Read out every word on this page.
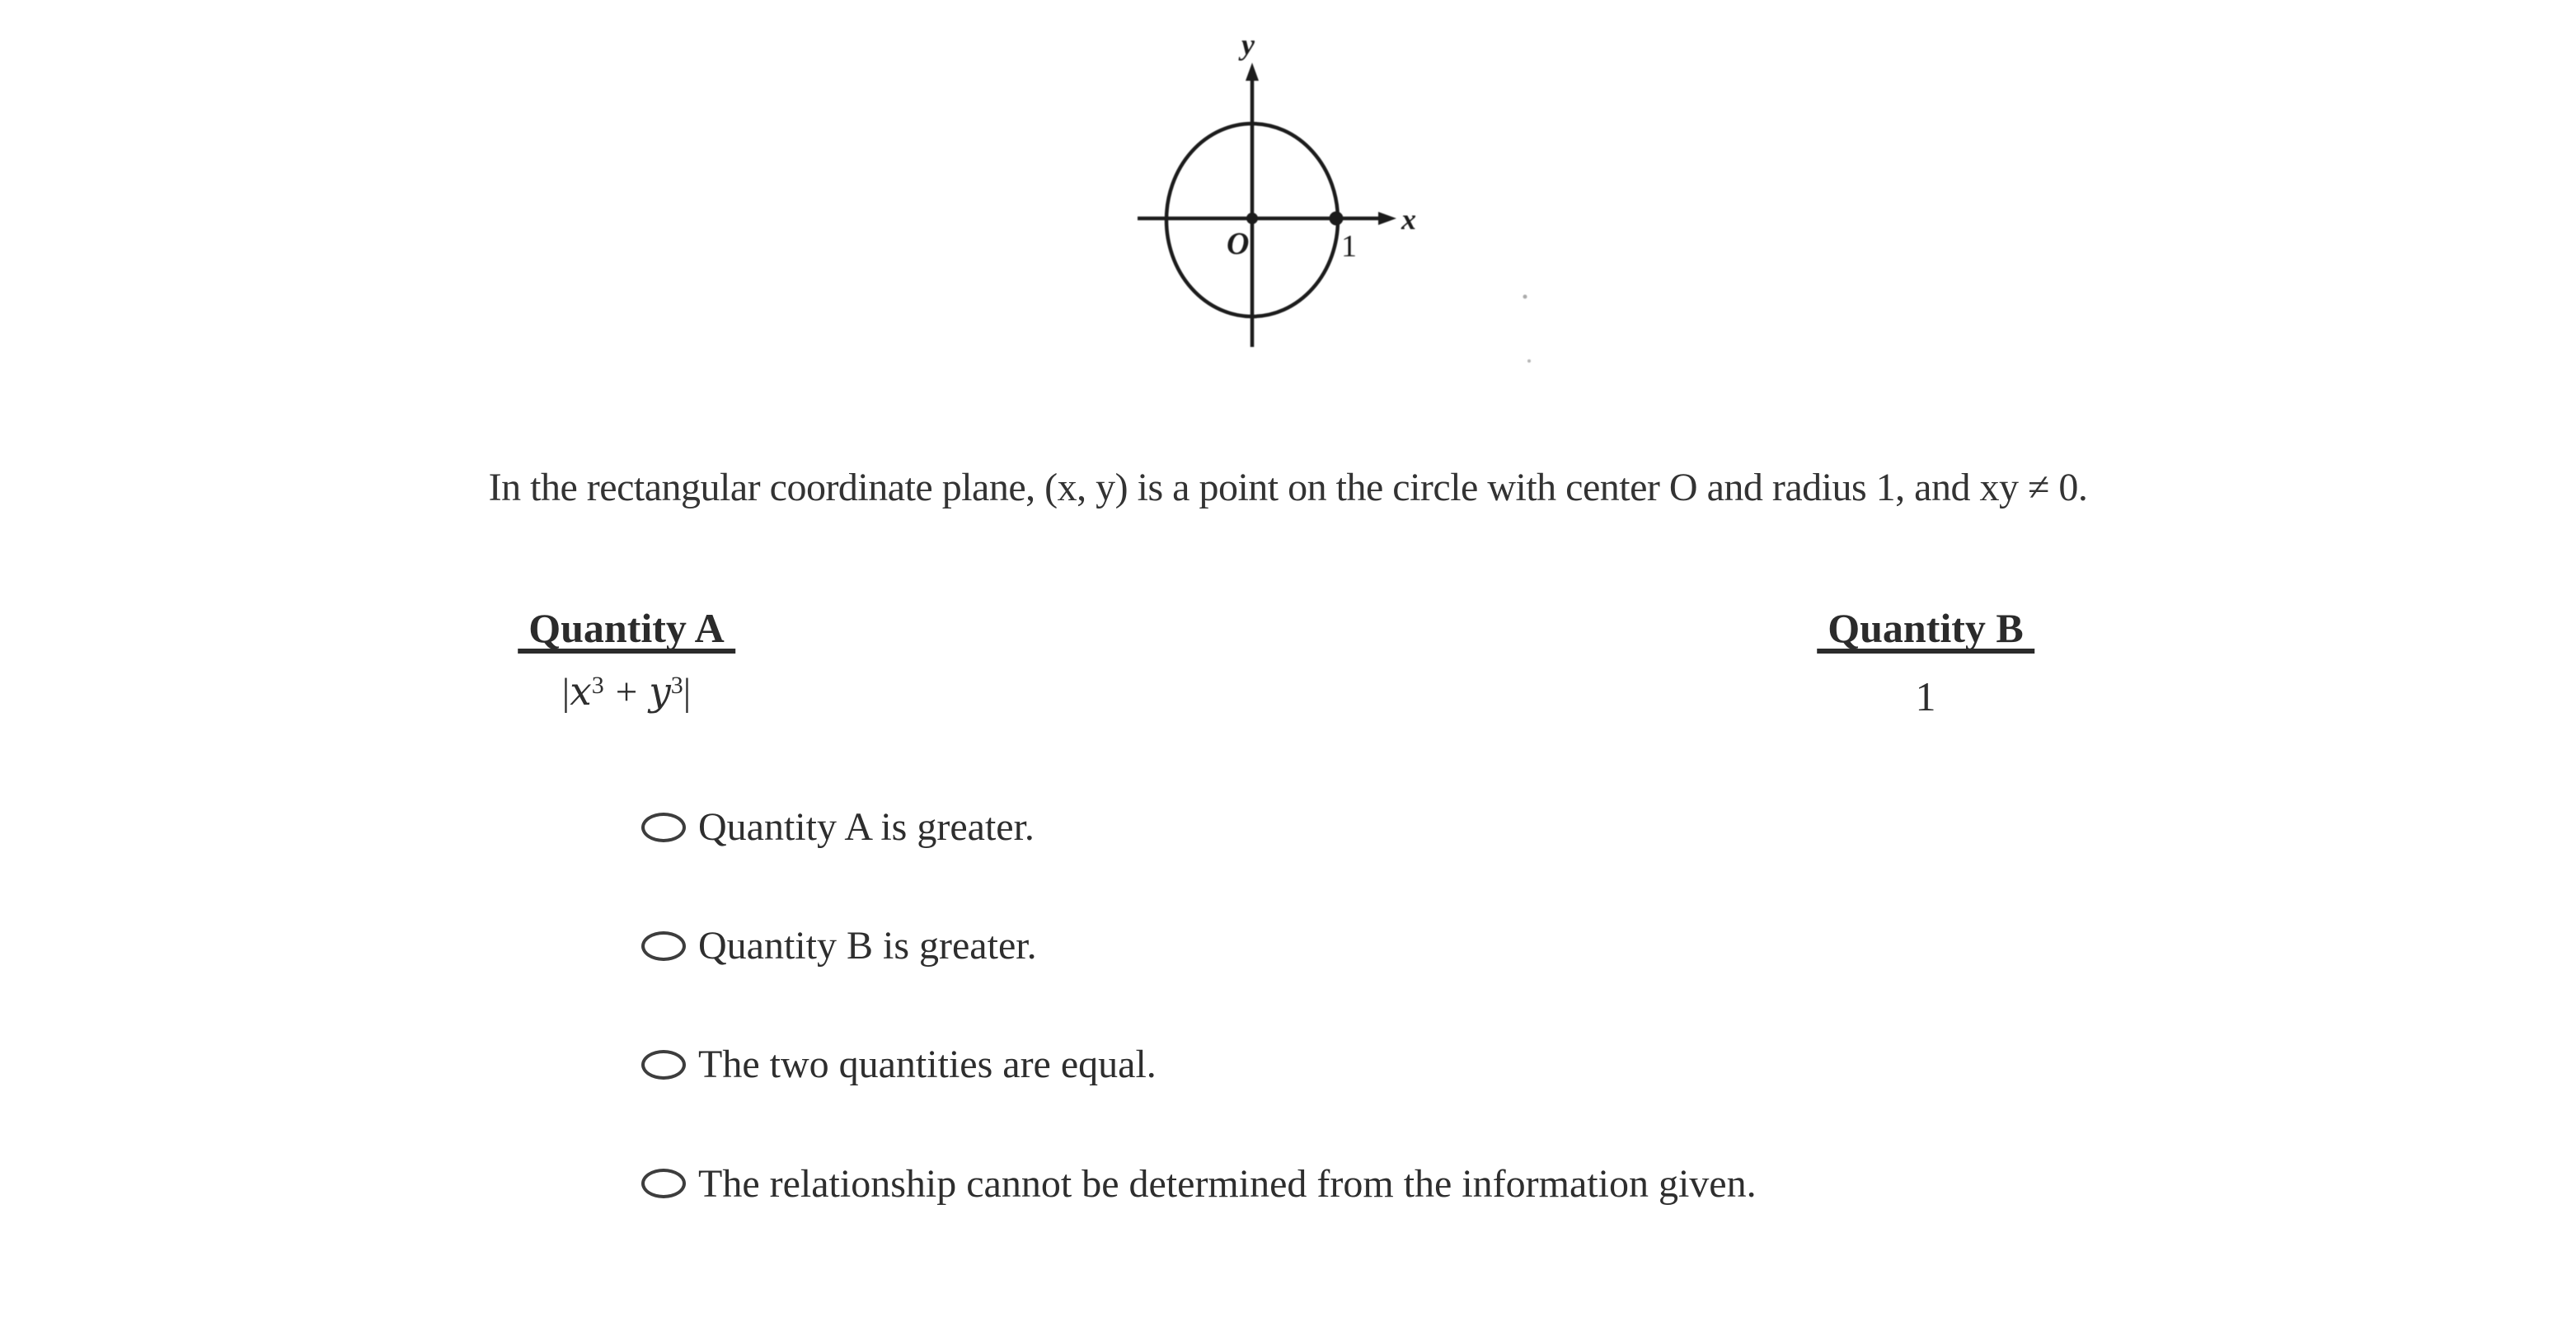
y
x
O	1
In the rectangular coordinate plane, (x, y) is a point on the circle with center O and radius 1, and xy ≠ 0.
Quantity A
$|x^3 + y^3|$
Quantity B
1
Quantity A is greater.
Quantity B is greater.
The two quantities are equal.
The relationship cannot be determined from the information given.
